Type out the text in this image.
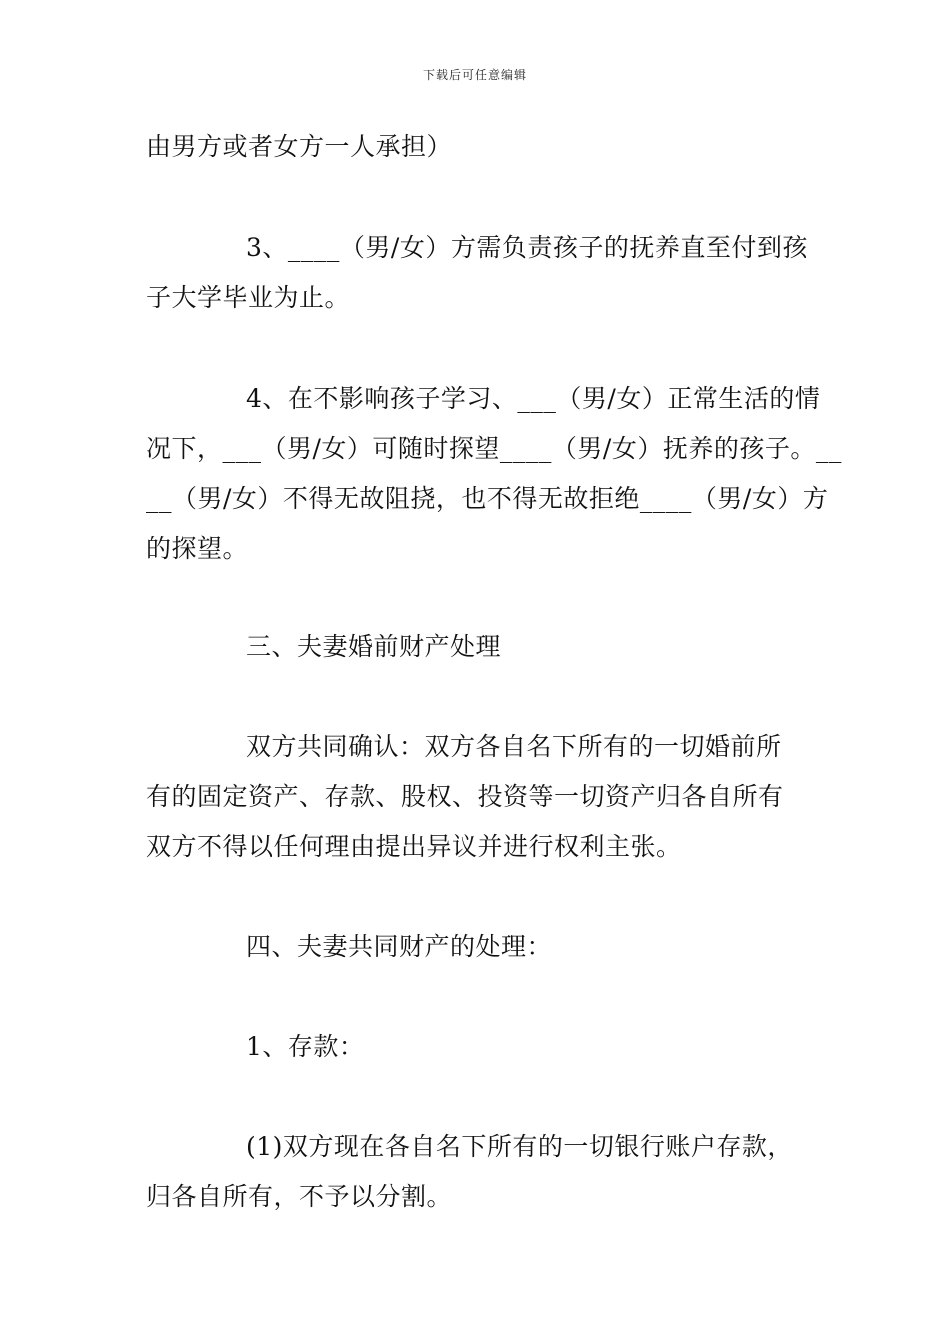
下载后可任意编辑
由男方或者女方一人承担）
3、____（男/女）方需负责孩子的抚养直至付到孩
子大学毕业为止。
4、在不影响孩子学习、___（男/女）正常生活的情
况下，___（男/女）可随时探望____（男/女）抚养的孩子。__
__（男/女）不得无故阻挠，也不得无故拒绝____（男/女）方
的探望。
三、夫妻婚前财产处理
双方共同确认：双方各自名下所有的一切婚前所
有的固定资产、存款、股权、投资等一切资产归各自所有
双方不得以任何理由提出异议并进行权利主张。
四、夫妻共同财产的处理：
1、存款：
(1)双方现在各自名下所有的一切银行账户存款，
归各自所有，不予以分割。
